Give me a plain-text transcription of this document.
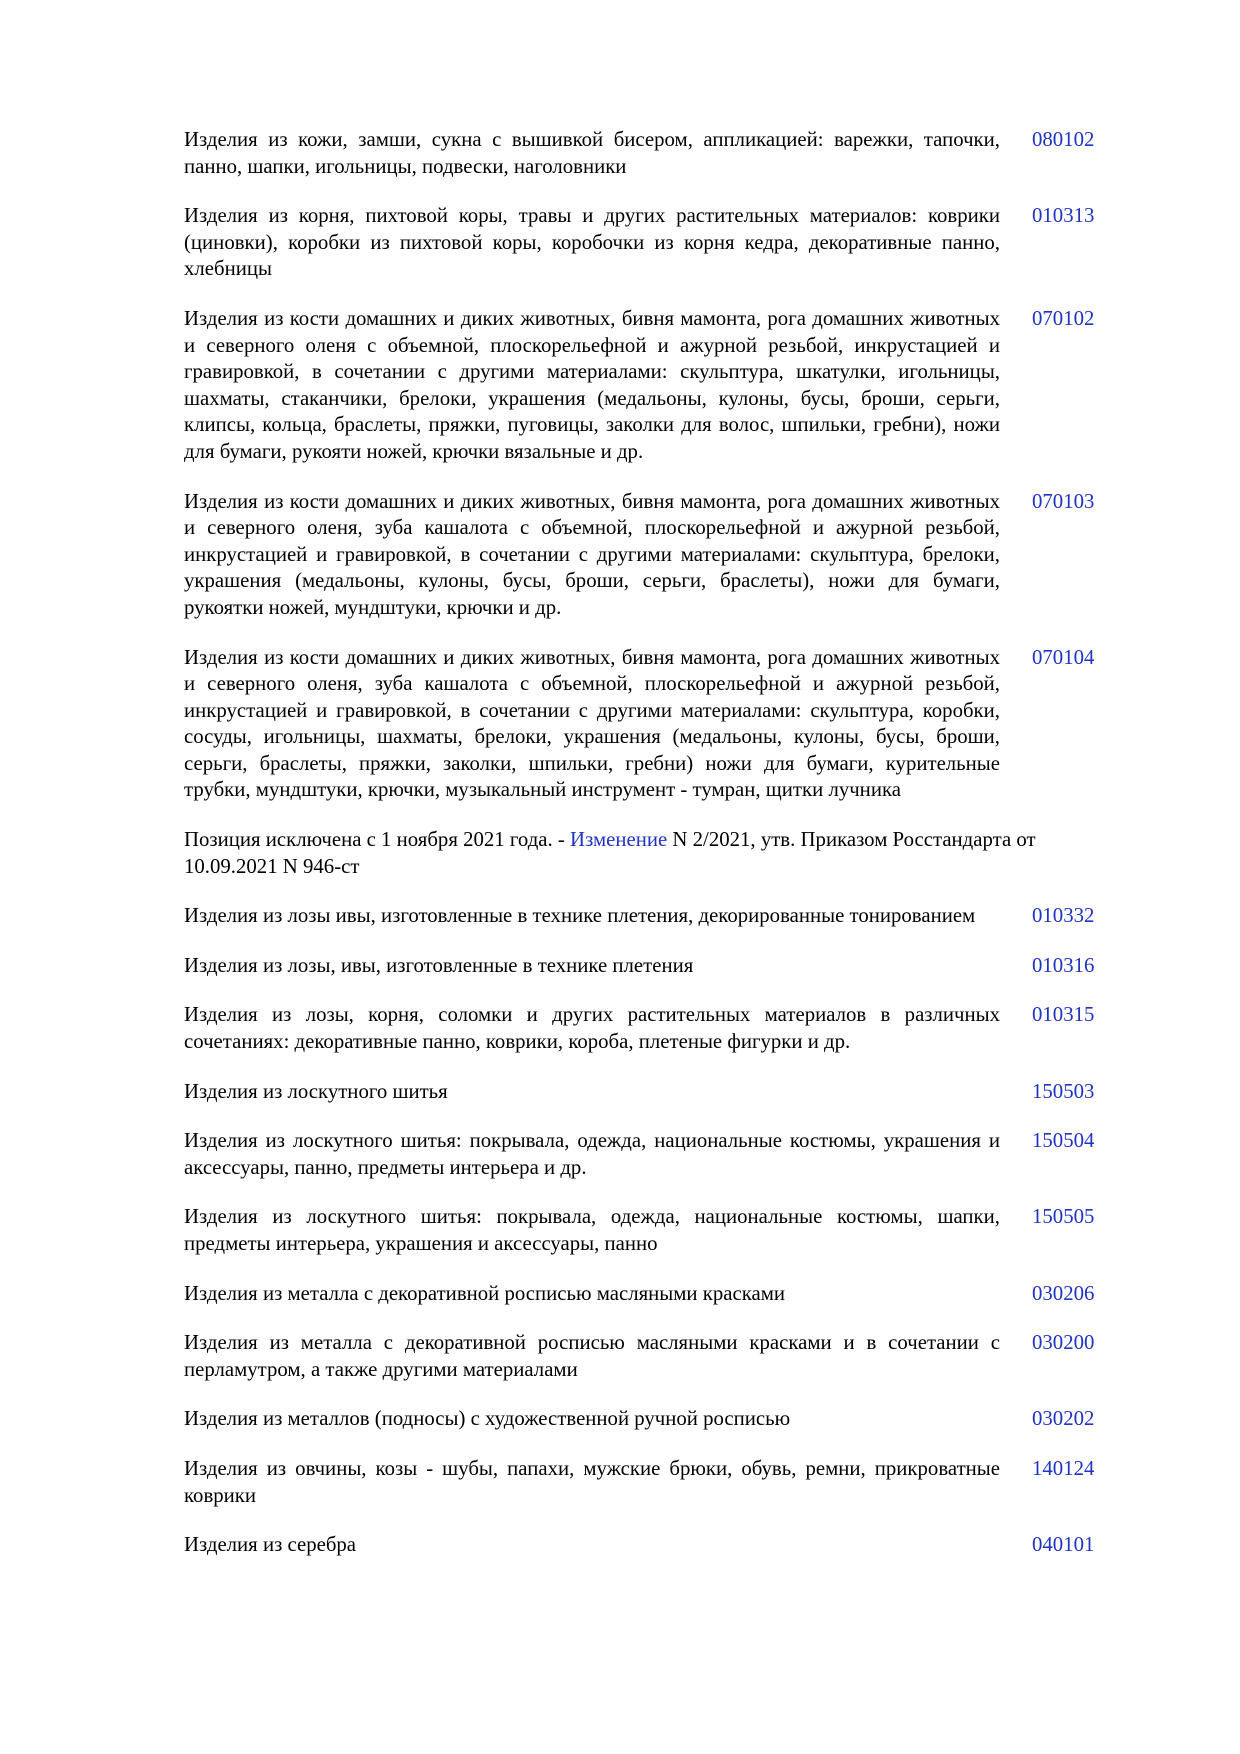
Изделия из кожи, замши, сукна с вышивкой бисером, аппликацией: варежки, тапочки, панно, шапки, игольницы, подвески, наголовники
080102
Изделия из корня, пихтовой коры, травы и других растительных материалов: коврики (циновки), коробки из пихтовой коры, коробочки из корня кедра, декоративные панно, хлебницы
010313
Изделия из кости домашних и диких животных, бивня мамонта, рога домашних животных и северного оленя с объемной, плоскорельефной и ажурной резьбой, инкрустацией и гравировкой, в сочетании с другими материалами: скульптура, шкатулки, игольницы, шахматы, стаканчики, брелоки, украшения (медальоны, кулоны, бусы, броши, серьги, клипсы, кольца, браслеты, пряжки, пуговицы, заколки для волос, шпильки, гребни), ножи для бумаги, рукояти ножей, крючки вязальные и др.
070102
Изделия из кости домашних и диких животных, бивня мамонта, рога домашних животных и северного оленя, зуба кашалота с объемной, плоскорельефной и ажурной резьбой, инкрустацией и гравировкой, в сочетании с другими материалами: скульптура, брелоки, украшения (медальоны, кулоны, бусы, броши, серьги, браслеты), ножи для бумаги, рукоятки ножей, мундштуки, крючки и др.
070103
Изделия из кости домашних и диких животных, бивня мамонта, рога домашних животных и северного оленя, зуба кашалота с объемной, плоскорельефной и ажурной резьбой, инкрустацией и гравировкой, в сочетании с другими материалами: скульптура, коробки, сосуды, игольницы, шахматы, брелоки, украшения (медальоны, кулоны, бусы, броши, серьги, браслеты, пряжки, заколки, шпильки, гребни) ножи для бумаги, курительные трубки, мундштуки, крючки, музыкальный инструмент - тумран, щитки лучника
070104
Позиция исключена с 1 ноября 2021 года. - Изменение N 2/2021, утв. Приказом Росстандарта от 10.09.2021 N 946-ст
Изделия из лозы ивы, изготовленные в технике плетения, декорированные тонированием	010332
Изделия из лозы, ивы, изготовленные в технике плетения	010316
Изделия из лозы, корня, соломки и других растительных материалов в различных сочетаниях: декоративные панно, коврики, короба, плетеные фигурки и др.
010315
Изделия из лоскутного шитья	150503
Изделия из лоскутного шитья: покрывала, одежда, национальные костюмы, украшения и аксессуары, панно, предметы интерьера и др.
150504
Изделия из лоскутного шитья: покрывала, одежда, национальные костюмы, шапки, предметы интерьера, украшения и аксессуары, панно
150505
Изделия из металла с декоративной росписью масляными красками	030206
Изделия из металла с декоративной росписью масляными красками и в сочетании с перламутром, а также другими материалами
030200
Изделия из металлов (подносы) с художественной ручной росписью	030202
Изделия из овчины, козы - шубы, папахи, мужские брюки, обувь, ремни, прикроватные коврики
140124
Изделия из серебра	040101
